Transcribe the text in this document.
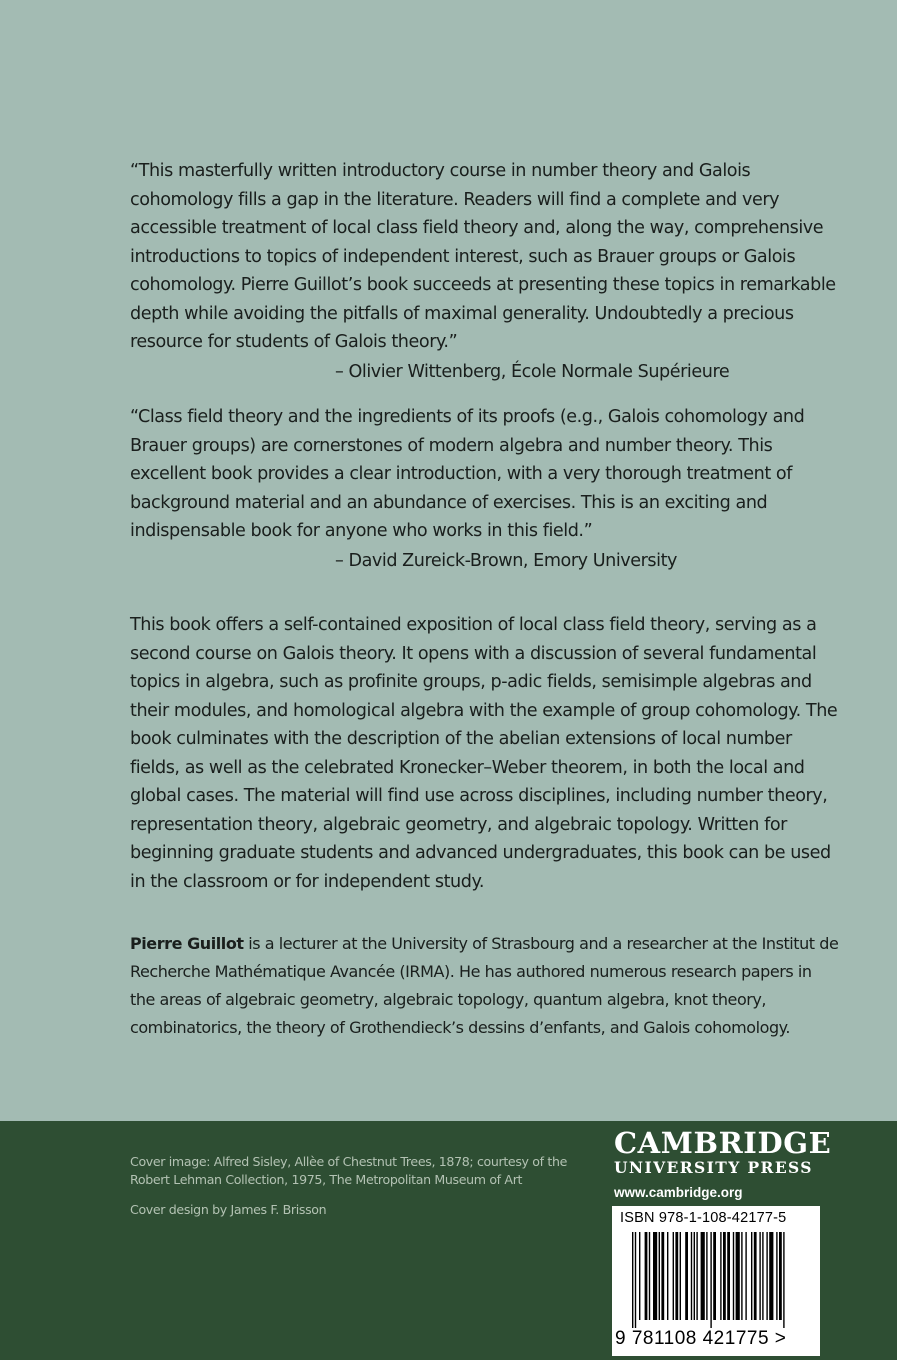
“This masterfully written introductory course in number theory and Galois cohomology fills a gap in the literature. Readers will find a complete and very accessible treatment of local class field theory and, along the way, comprehensive introductions to topics of independent interest, such as Brauer groups or Galois cohomology. Pierre Guillot’s book succeeds at presenting these topics in remarkable depth while avoiding the pitfalls of maximal generality. Undoubtedly a precious resource for students of Galois theory.”

– Olivier Wittenberg, École Normale Supérieure

“Class field theory and the ingredients of its proofs (e.g., Galois cohomology and Brauer groups) are cornerstones of modern algebra and number theory. This excellent book provides a clear introduction, with a very thorough treatment of background material and an abundance of exercises. This is an exciting and indispensable book for anyone who works in this field.”

– David Zureick-Brown, Emory University

This book offers a self-contained exposition of local class field theory, serving as a second course on Galois theory. It opens with a discussion of several fundamental topics in algebra, such as profinite groups, p-adic fields, semisimple algebras and their modules, and homological algebra with the example of group cohomology. The book culminates with the description of the abelian extensions of local number fields, as well as the celebrated Kronecker–Weber theorem, in both the local and global cases. The material will find use across disciplines, including number theory, representation theory, algebraic geometry, and algebraic topology. Written for beginning graduate students and advanced undergraduates, this book can be used in the classroom or for independent study.

Pierre Guillot is a lecturer at the University of Strasbourg and a researcher at the Institut de Recherche Mathématique Avancée (IRMA). He has authored numerous research papers in the areas of algebraic geometry, algebraic topology, quantum algebra, knot theory, combinatorics, the theory of Grothendieck’s dessins d’enfants, and Galois cohomology.

Cover image: Alfred Sisley, Allèe of Chestnut Trees, 1878; courtesy of the Robert Lehman Collection, 1975, The Metropolitan Museum of Art

Cover design by James F. Brisson

CAMBRIDGE
UNIVERSITY PRESS
www.cambridge.org
ISBN 978-1-108-42177-5
9 781108 421775 >
